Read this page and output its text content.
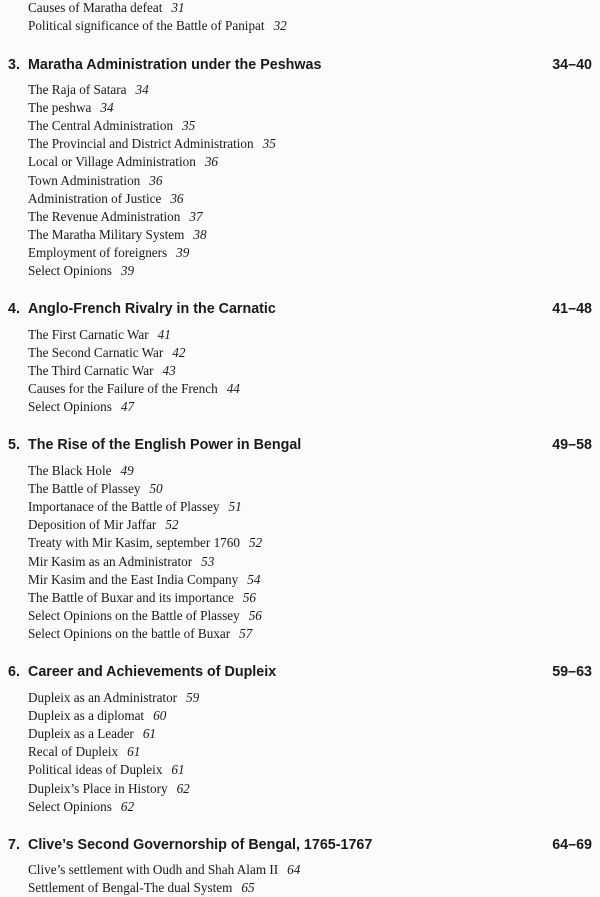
Causes of Maratha defeat 31
Political significance of the Battle of Panipat 32
3. Maratha Administration under the Peshwas	34–40
The Raja of Satara 34
The peshwa 34
The Central Administration 35
The Provincial and District Administration 35
Local or Village Administration 36
Town Administration 36
Administration of Justice 36
The Revenue Administration 37
The Maratha Military System 38
Employment of foreigners 39
Select Opinions 39
4. Anglo-French Rivalry in the Carnatic	41–48
The First Carnatic War 41
The Second Carnatic War 42
The Third Carnatic War 43
Causes for the Failure of the French 44
Select Opinions 47
5. The Rise of the English Power in Bengal	49–58
The Black Hole 49
The Battle of Plassey 50
Importanace of the Battle of Plassey 51
Deposition of Mir Jaffar 52
Treaty with Mir Kasim, september 1760 52
Mir Kasim as an Administrator 53
Mir Kasim and the East India Company 54
The Battle of Buxar and its importance 56
Select Opinions on the Battle of Plassey 56
Select Opinions on the battle of Buxar 57
6. Career and Achievements of Dupleix	59–63
Dupleix as an Administrator 59
Dupleix as a diplomat 60
Dupleix as a Leader 61
Recal of Dupleix 61
Political ideas of Dupleix 61
Dupleix’s Place in History 62
Select Opinions 62
7. Clive’s Second Governorship of Bengal, 1765-1767	64–69
Clive’s settlement with Oudh and Shah Alam II 64
Settlement of Bengal-The dual System 65
